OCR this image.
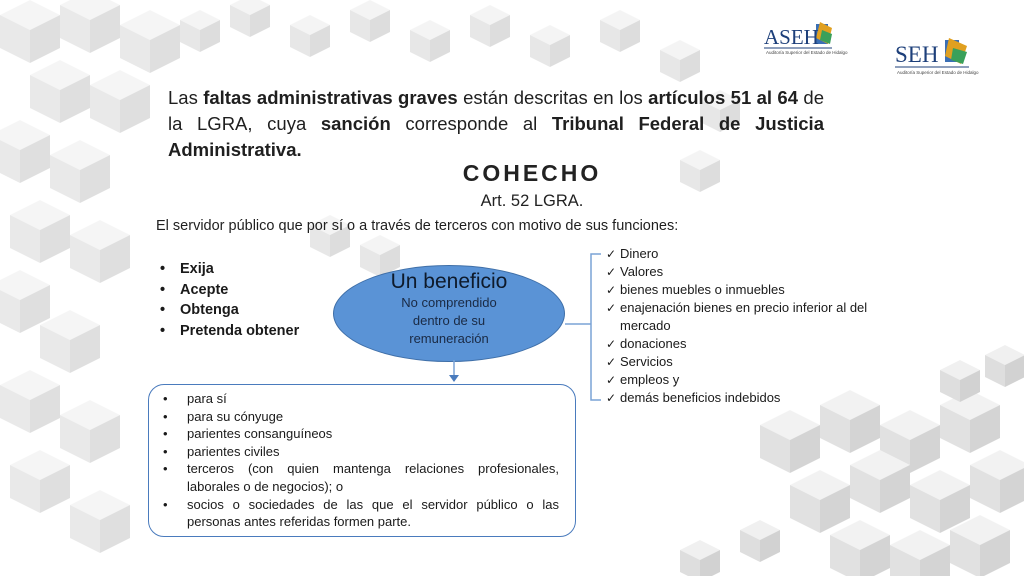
ASEH
Auditoría Superior del Estado de Hidalgo SEH
Auditoría Superior del Estado de Hidalgo

Las faltas administrativas graves están descritas en los artículos 51 al 64 de la LGRA, cuya sanción corresponde al Tribunal Federal de Justicia Administrativa.

COHECHO
Art. 52 LGRA.
El servidor público que por sí o a través de terceros con motivo de sus funciones:
• Exija
• Acepte
• Obtenga
• Pretenda obtener
Un beneficio
No comprendido dentro de su remuneración
✓ Dinero
✓ Valores
✓ bienes muebles o inmuebles
✓ enajenación bienes en precio inferior al del mercado
✓ donaciones
✓ Servicios
✓ empleos y
✓ demás beneficios indebidos
• para sí
• para su cónyuge
• parientes consanguíneos
• parientes civiles
• terceros (con quien mantenga relaciones profesionales, laborales o de negocios); o
• socios o sociedades de las que el servidor público o las personas antes referidas formen parte.
